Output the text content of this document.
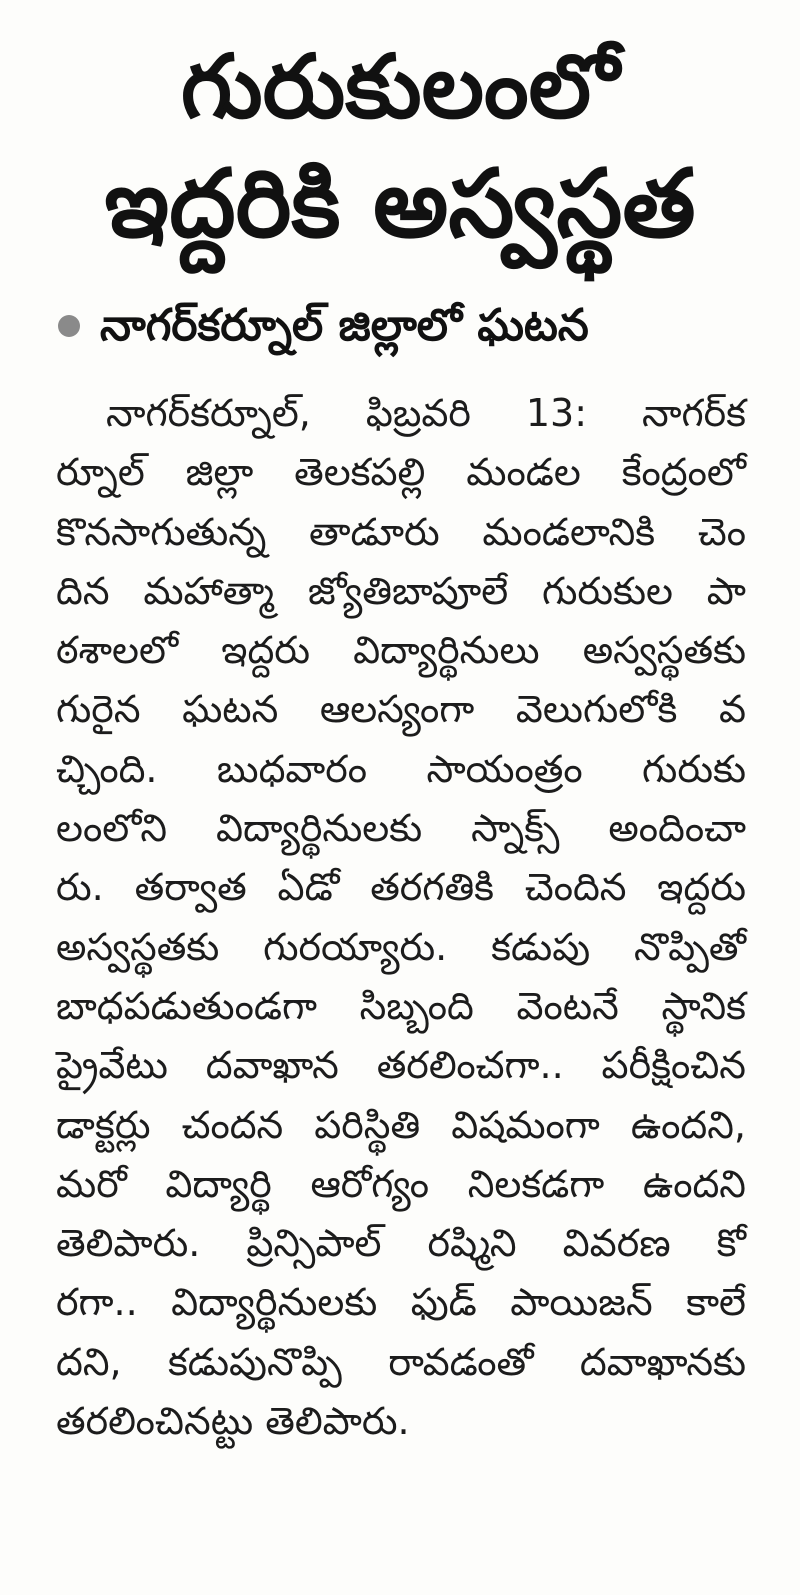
గురుకులంలో
ఇద్దరికి అస్వస్థత
నాగర్‌కర్నూల్‌ జిల్లాలో ఘటన
నాగర్‌కర్నూల్‌, ఫిబ్రవరి 13: నాగర్‌క
ర్నూల్‌ జిల్లా తెలకపల్లి మండల కేంద్రంలో
కొనసాగుతున్న తాడూరు మండలానికి చెం
దిన మహాత్మా జ్యోతిబాపూలే గురుకుల పా
ఠశాలలో ఇద్దరు విద్యార్థినులు అస్వస్థతకు
గురైన ఘటన ఆలస్యంగా వెలుగులోకి వ
చ్చింది. బుధవారం సాయంత్రం గురుకు
లంలోని విద్యార్థినులకు స్నాక్స్‌ అందించా
రు. తర్వాత ఏడో తరగతికి చెందిన ఇద్దరు
అస్వస్థతకు గురయ్యారు. కడుపు నొప్పితో
బాధపడుతుండగా సిబ్బంది వెంటనే స్థానిక
ప్రైవేటు దవాఖాన తరలించగా.. పరీక్షించిన
డాక్టర్లు చందన పరిస్థితి విషమంగా ఉందని,
మరో విద్యార్థి ఆరోగ్యం నిలకడగా ఉందని
తెలిపారు. ప్రిన్సిపాల్‌ రష్మిని వివరణ కో
రగా.. విద్యార్థినులకు ఫుడ్‌ పాయిజన్‌ కాలే
దని, కడుపునొప్పి రావడంతో దవాఖానకు
తరలించినట్టు తెలిపారు.
